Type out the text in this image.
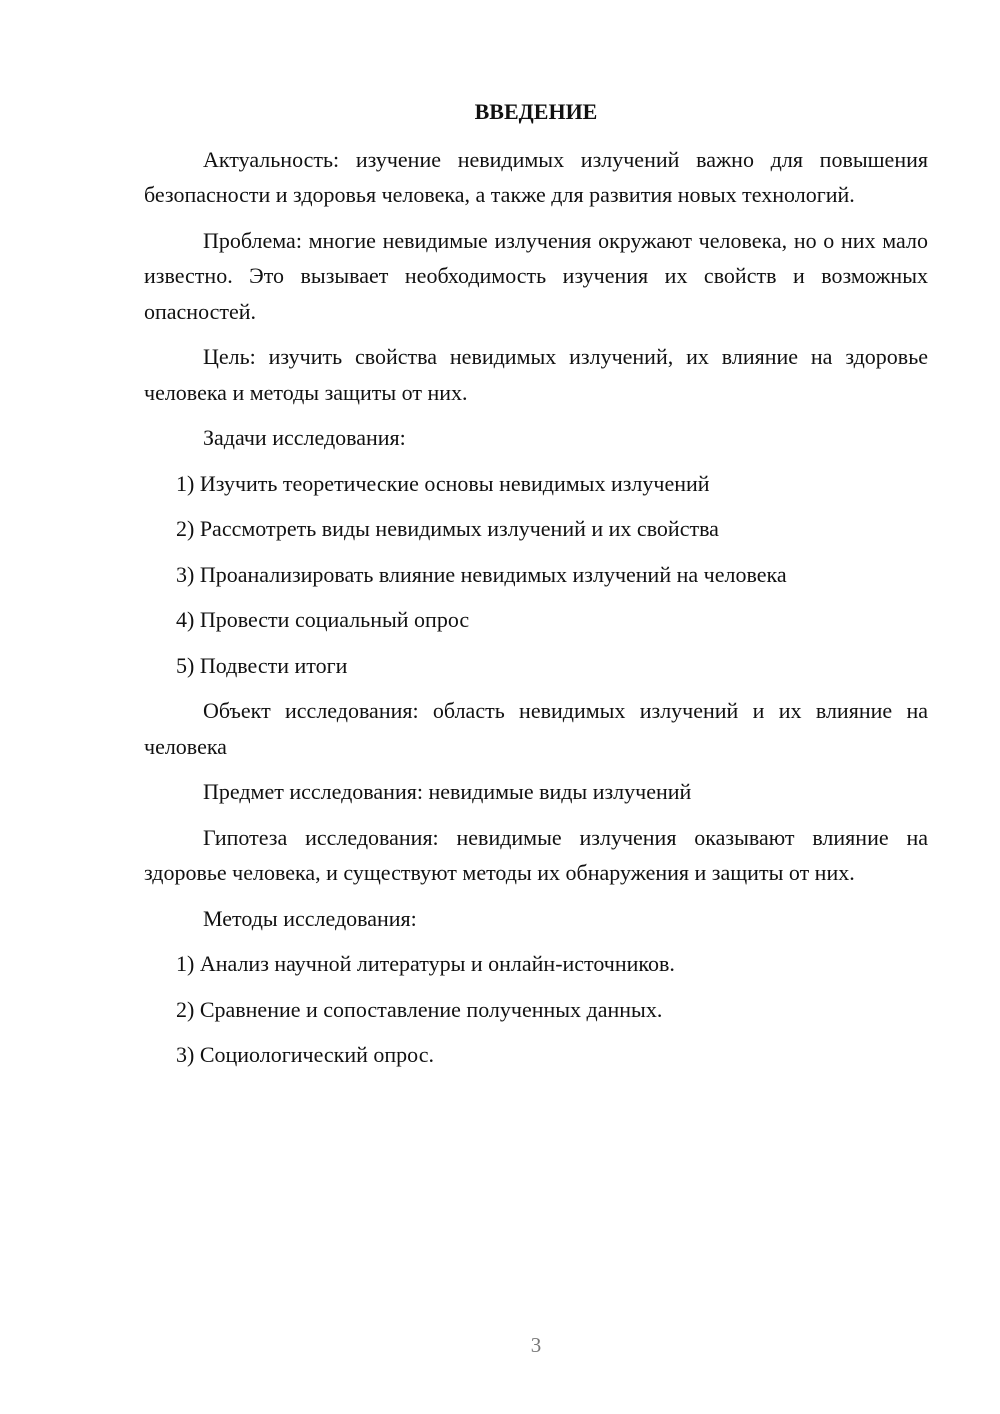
ВВЕДЕНИЕ

Актуальность: изучение невидимых излучений важно для повышения безопасности и здоровья человека, а также для развития новых технологий.

Проблема: многие невидимые излучения окружают человека, но о них мало известно. Это вызывает необходимость изучения их свойств и возможных опасностей.

Цель: изучить свойства невидимых излучений, их влияние на здоровье человека и методы защиты от них.

Задачи исследования:

1) Изучить теоретические основы невидимых излучений

2) Рассмотреть виды невидимых излучений и их свойства

3) Проанализировать влияние невидимых излучений на человека

4) Провести социальный опрос

5) Подвести итоги

Объект исследования: область невидимых излучений и их влияние на человека

Предмет исследования: невидимые виды излучений

Гипотеза исследования: невидимые излучения оказывают влияние на здоровье человека, и существуют методы их обнаружения и защиты от них.

Методы исследования:

1) Анализ научной литературы и онлайн-источников.

2) Сравнение и сопоставление полученных данных.

3) Социологический опрос.

3
